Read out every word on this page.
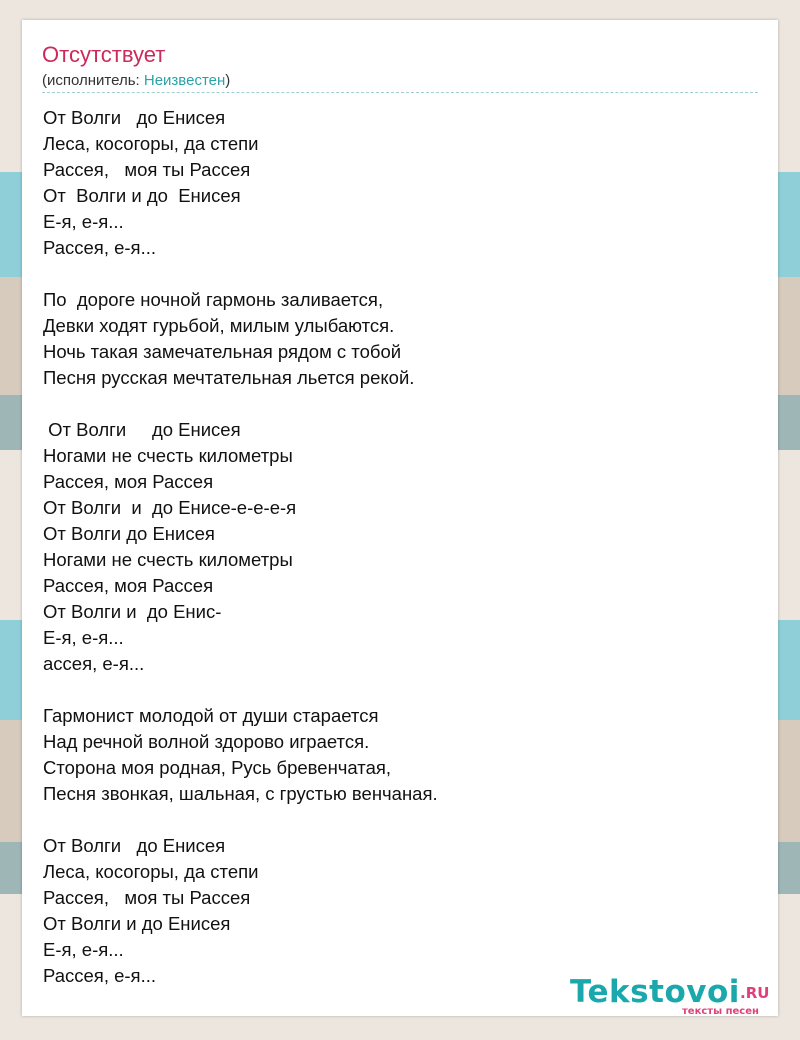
Отсутствует
(исполнитель: Неизвестен)
От Волги   до Енисея
Леса, косогоры, да степи
Рассея,   моя ты Рассея
От  Волги и до  Енисея
Е-я, е-я...
Рассея, е-я...
По  дороге ночной гармонь заливается,
Девки ходят гурьбой, милым улыбаются.
Ночь такая замечательная рядом с тобой
Песня русская мечтательная льется рекой.
От Волги     до Енисея
Ногами не счесть километры
Рассея, моя Рассея
От Волги  и  до Енисе-е-е-е-я
От Волги до Енисея
Ногами не счесть километры
Рассея, моя Рассея
От Волги и  до Енис-
Е-я, е-я...
ассея, е-я...
Гармонист молодой от души старается
Над речной волной здорово играется.
Сторона моя родная, Русь бревенчатая,
Песня звонкая, шальная, с грустью венчаная.
От Волги   до Енисея
Леса, косогоры, да степи
Рассея,   моя ты Рассея
От Волги и до Енисея
Е-я, е-я...
Рассея, е-я...	Tekstovoi .RU
тексты песен
